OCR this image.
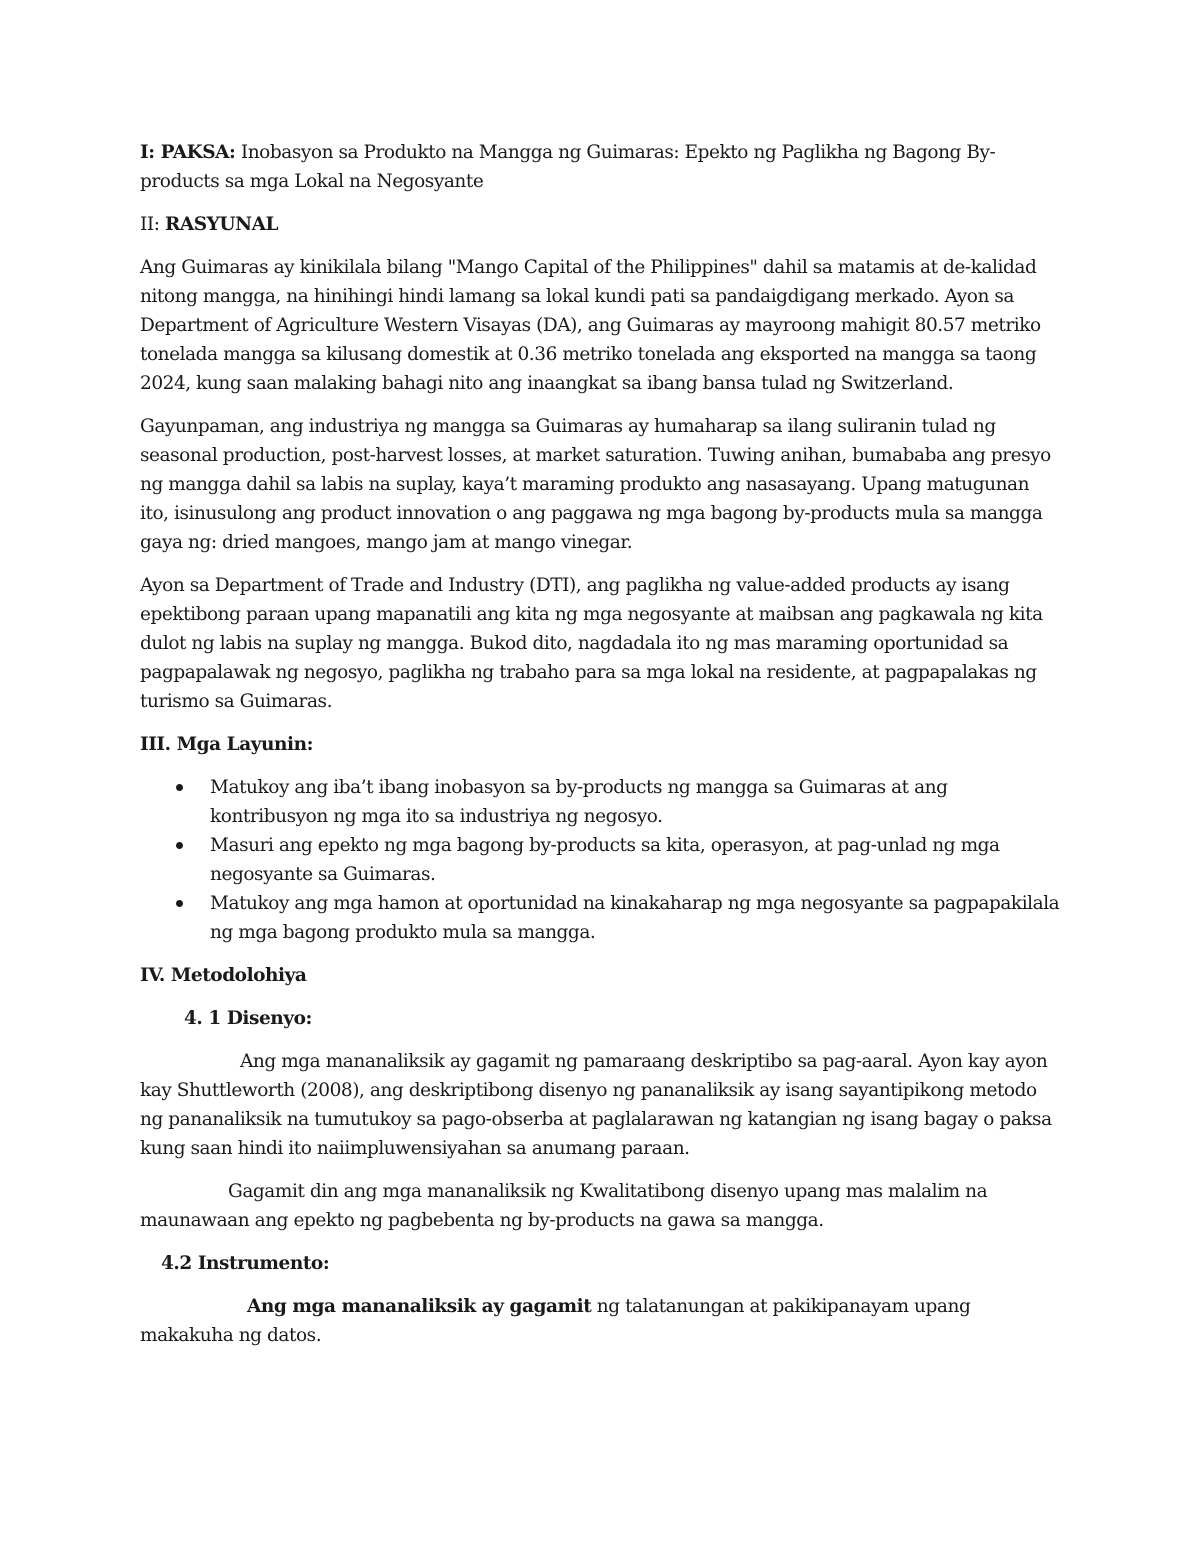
I: PAKSA: Inobasyon sa Produkto na Mangga ng Guimaras: Epekto ng Paglikha ng Bagong By-products sa mga Lokal na Negosyante

II: RASYUNAL

Ang Guimaras ay kinikilala bilang "Mango Capital of the Philippines" dahil sa matamis at de-kalidad nitong mangga, na hinihingi hindi lamang sa lokal kundi pati sa pandaigdigang merkado. Ayon sa Department of Agriculture Western Visayas (DA), ang Guimaras ay mayroong mahigit 80.57 metriko tonelada mangga sa kilusang domestik at 0.36 metriko tonelada ang eksported na mangga sa taong 2024, kung saan malaking bahagi nito ang inaangkat sa ibang bansa tulad ng Switzerland.

Gayunpaman, ang industriya ng mangga sa Guimaras ay humaharap sa ilang suliranin tulad ng seasonal production, post-harvest losses, at market saturation. Tuwing anihan, bumababa ang presyo ng mangga dahil sa labis na suplay, kaya’t maraming produkto ang nasasayang. Upang matugunan ito, isinusulong ang product innovation o ang paggawa ng mga bagong by-products mula sa mangga gaya ng: dried mangoes, mango jam at mango vinegar.

Ayon sa Department of Trade and Industry (DTI), ang paglikha ng value-added products ay isang epektibong paraan upang mapanatili ang kita ng mga negosyante at maibsan ang pagkawala ng kita dulot ng labis na suplay ng mangga. Bukod dito, nagdadala ito ng mas maraming oportunidad sa pagpapalawak ng negosyo, paglikha ng trabaho para sa mga lokal na residente, at pagpapalakas ng turismo sa Guimaras.

III. Mga Layunin:

Matukoy ang iba’t ibang inobasyon sa by-products ng mangga sa Guimaras at ang kontribusyon ng mga ito sa industriya ng negosyo.
Masuri ang epekto ng mga bagong by-products sa kita, operasyon, at pag-unlad ng mga negosyante sa Guimaras.
Matukoy ang mga hamon at oportunidad na kinakaharap ng mga negosyante sa pagpapakilala ng mga bagong produkto mula sa mangga.

IV. Metodolohiya

4. 1 Disenyo:

Ang mga mananaliksik ay gagamit ng pamaraang deskriptibo sa pag-aaral. Ayon kay ayon kay Shuttleworth (2008), ang deskriptibong disenyo ng pananaliksik ay isang sayantipikong metodo ng pananaliksik na tumutukoy sa pago-obserba at paglalarawan ng katangian ng isang bagay o paksa kung saan hindi ito naiimpluwensiyahan sa anumang paraan.

Gagamit din ang mga mananaliksik ng Kwalitatibong disenyo upang mas malalim na maunawaan ang epekto ng pagbebenta ng by-products na gawa sa mangga.

4.2 Instrumento:

Ang mga mananaliksik ay gagamit ng talatanungan at pakikipanayam upang makakuha ng datos.
